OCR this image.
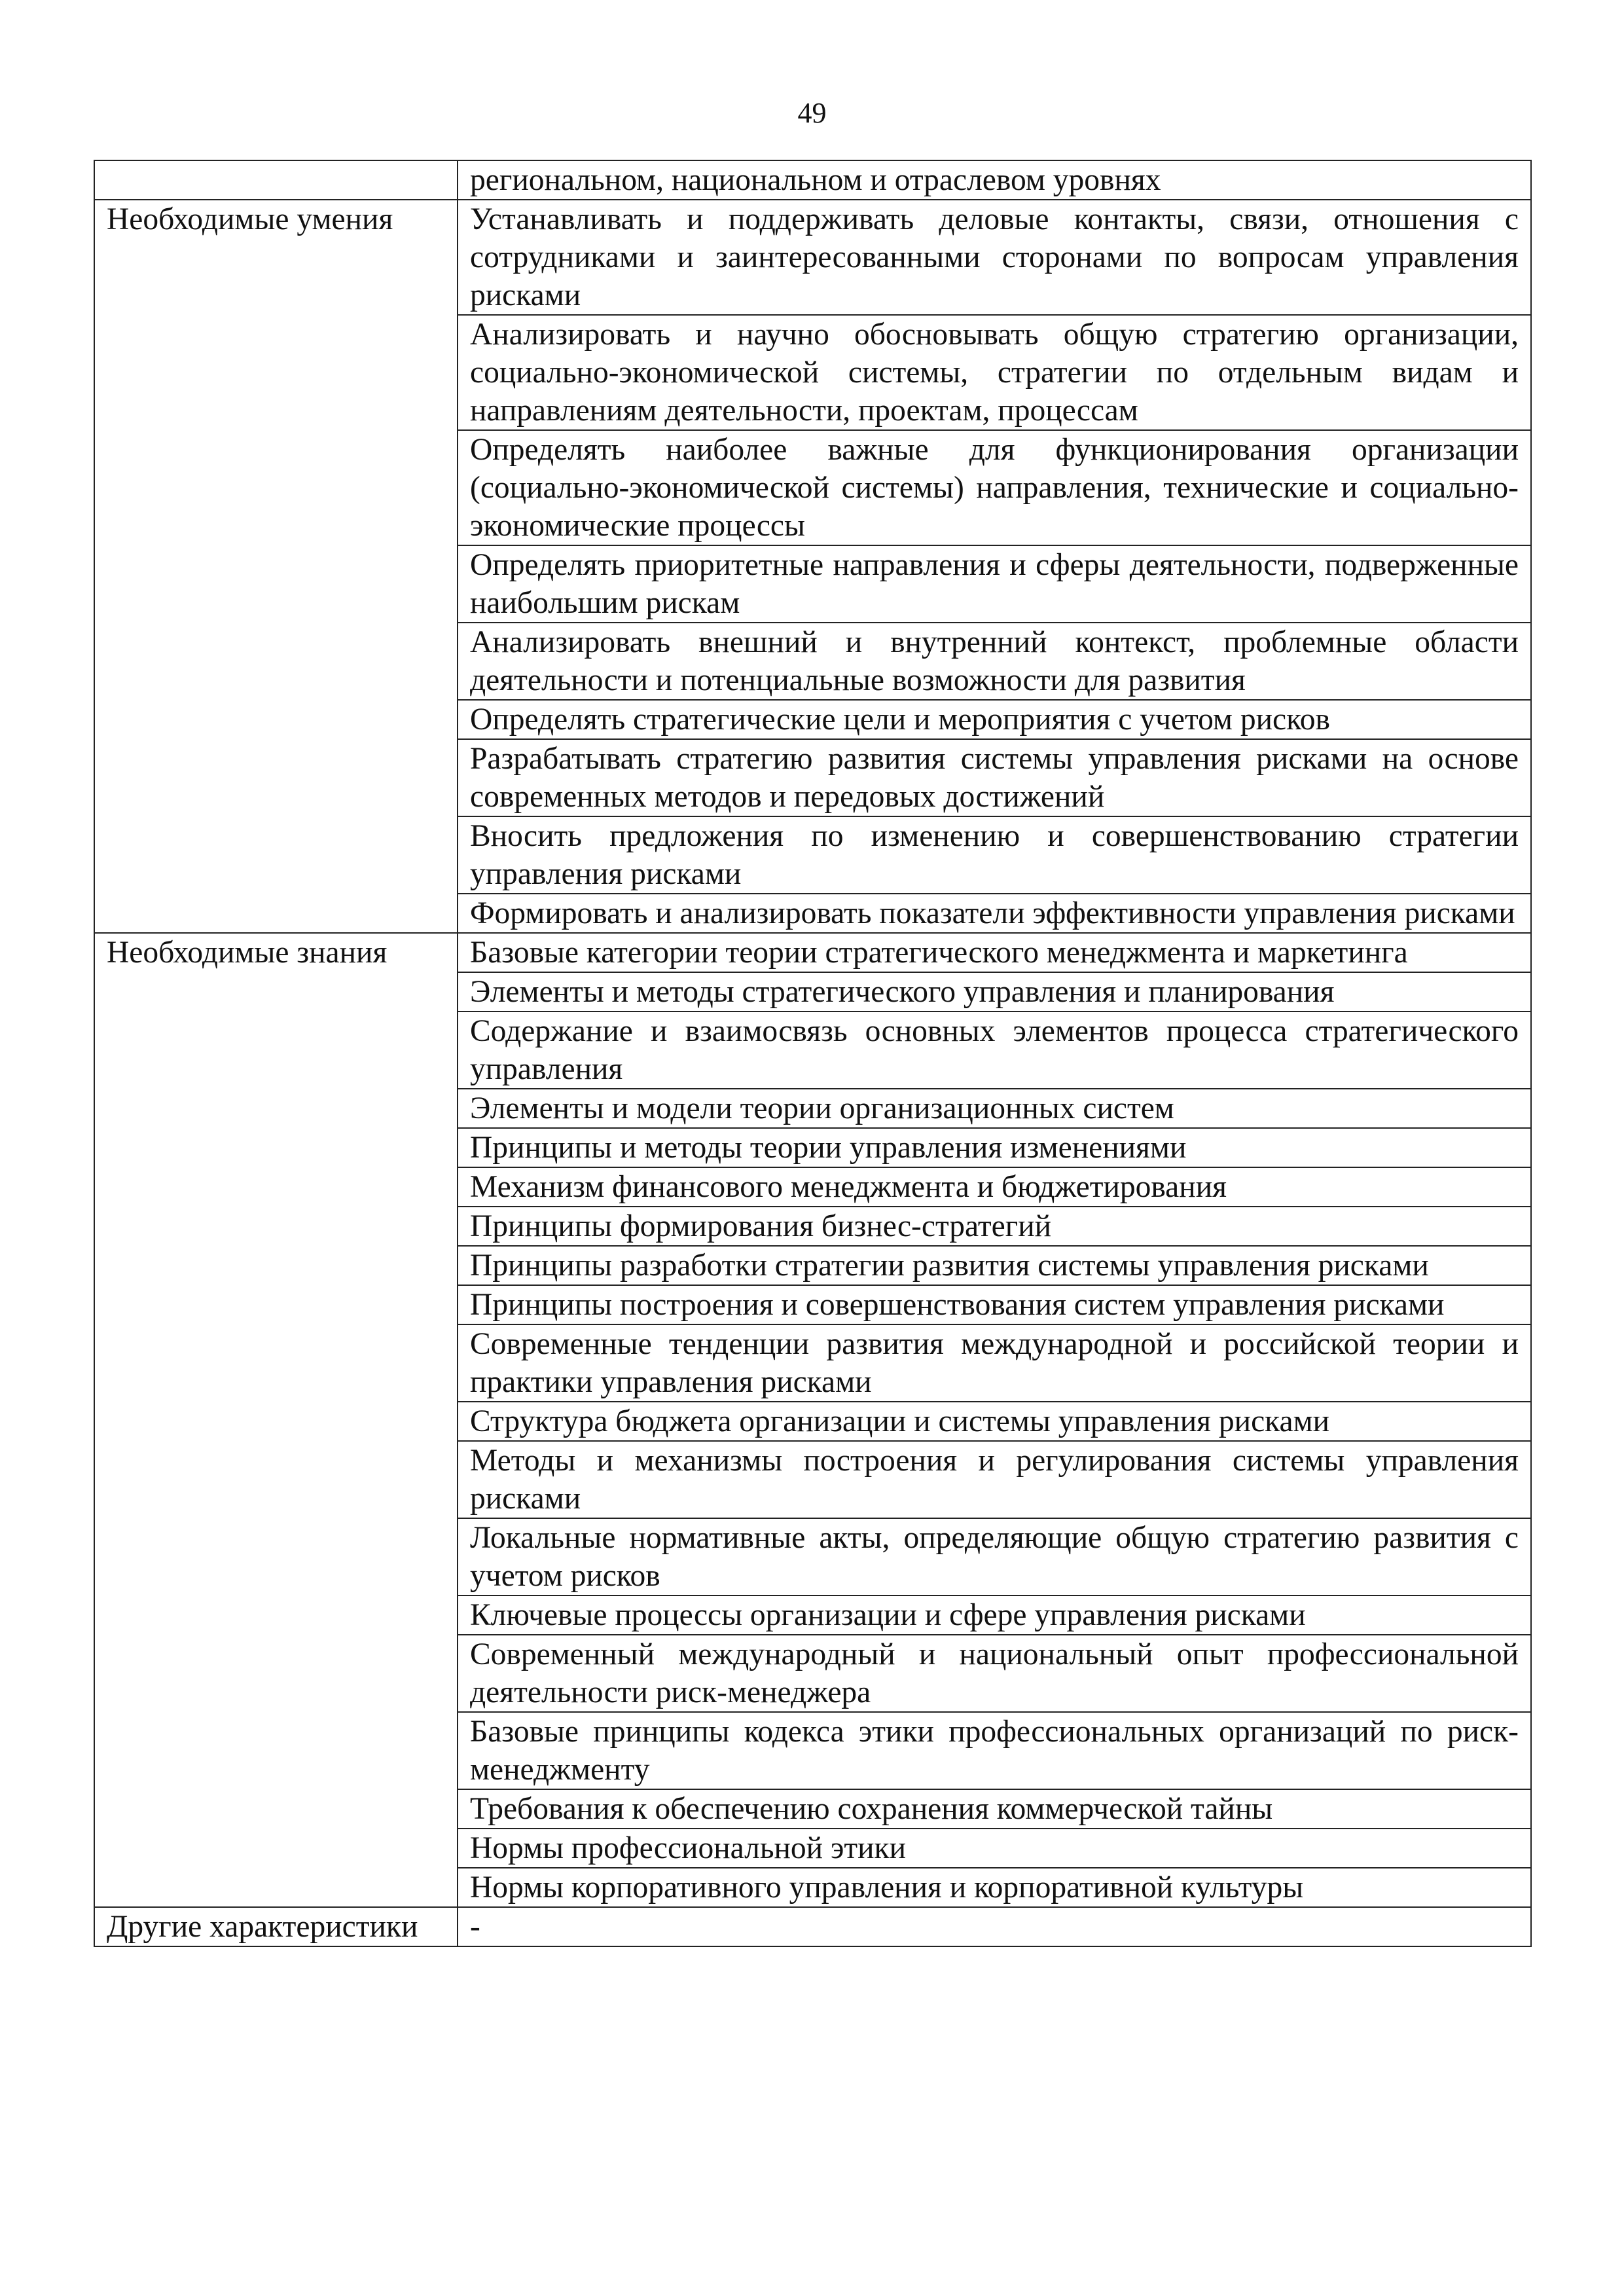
49
	региональном, национальном и отраслевом уровнях
Необходимые умения	Устанавливать и поддерживать деловые контакты, связи, отношения с сотрудниками и заинтересованными сторонами по вопросам управления рисками
	Анализировать и научно обосновывать общую стратегию организации, социально-экономической системы, стратегии по отдельным видам и направлениям деятельности, проектам, процессам
	Определять наиболее важные для функционирования организации (социально-экономической системы) направления, технические и социально-экономические процессы
	Определять приоритетные направления и сферы деятельности, подверженные наибольшим рискам
	Анализировать внешний и внутренний контекст, проблемные области деятельности и потенциальные возможности для развития
	Определять стратегические цели и мероприятия с учетом рисков
	Разрабатывать стратегию развития системы управления рисками на основе современных методов и передовых достижений
	Вносить предложения по изменению и совершенствованию стратегии управления рисками
	Формировать и анализировать показатели эффективности управления рисками
Необходимые знания	Базовые категории теории стратегического менеджмента и маркетинга
	Элементы и методы стратегического управления и планирования
	Содержание и взаимосвязь основных элементов процесса стратегического управления
	Элементы и модели теории организационных систем
	Принципы и методы теории управления изменениями
	Механизм финансового менеджмента и бюджетирования
	Принципы формирования бизнес-стратегий
	Принципы разработки стратегии развития системы управления рисками
	Принципы построения и совершенствования систем управления рисками
	Современные тенденции развития международной и российской теории и практики управления рисками
	Структура бюджета организации и системы управления рисками
	Методы и механизмы построения и регулирования системы управления рисками
	Локальные нормативные акты, определяющие общую стратегию развития с учетом рисков
	Ключевые процессы организации и сфере управления рисками
	Современный международный и национальный опыт профессиональной деятельности риск-менеджера
	Базовые принципы кодекса этики профессиональных организаций по риск-менеджменту
	Требования к обеспечению сохранения коммерческой тайны
	Нормы профессиональной этики
	Нормы корпоративного управления и корпоративной культуры
Другие характеристики	-
